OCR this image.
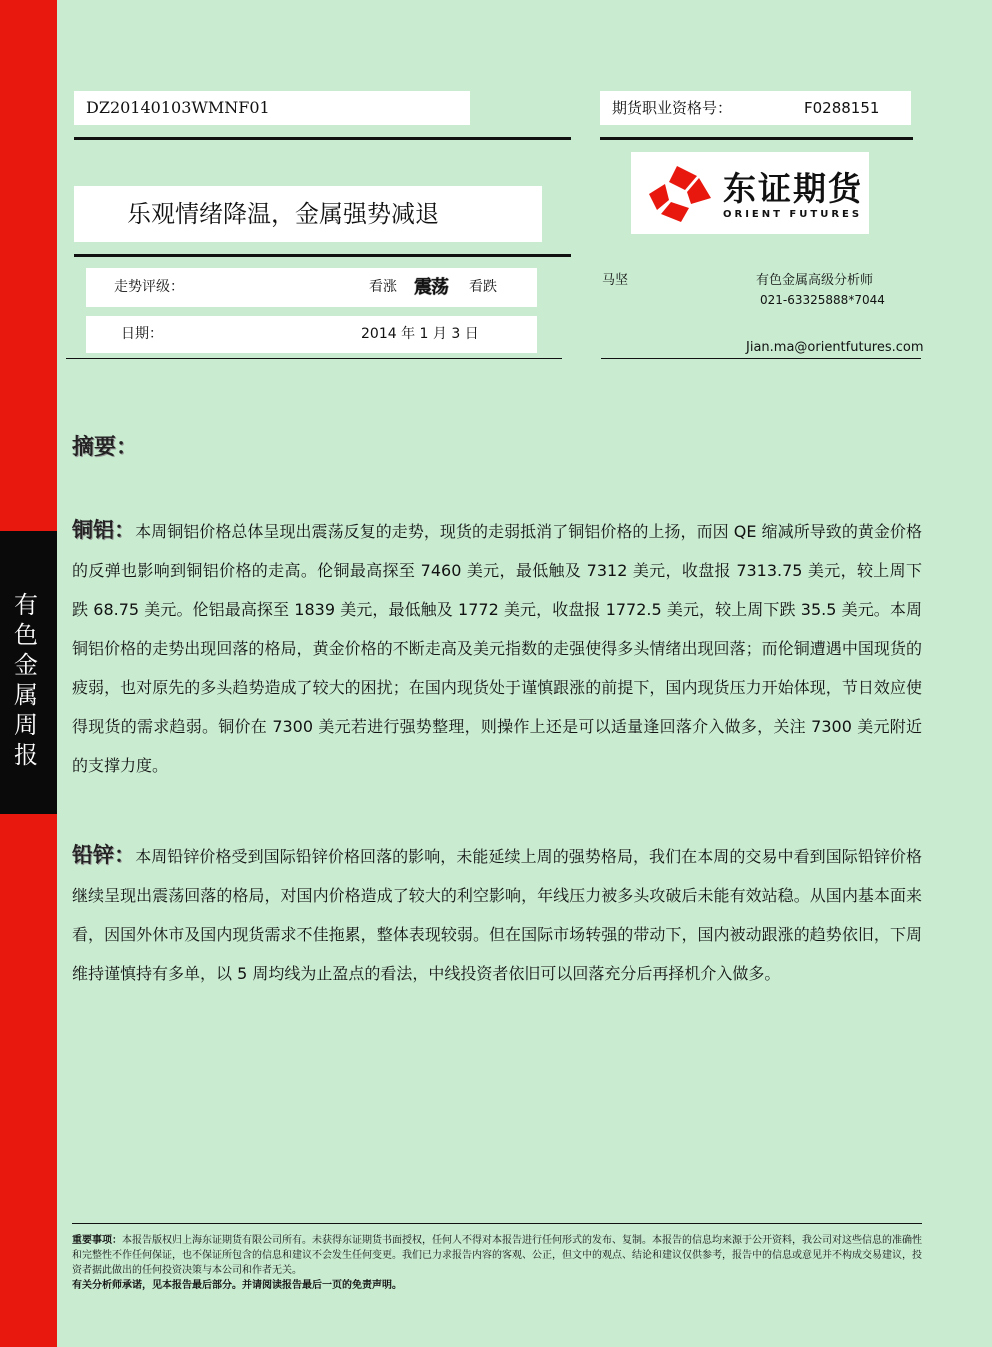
有
色
金
属
周
报
DZ20140103WMNF01	期货职业资格号：	F0288151
乐观情绪降温，金属强势减退
东证期货
ORIENT FUTURES
走势评级：	看涨 震荡 看跌
日期：	2014 年 1 月 3 日
马坚	有色金属高级分析师
021-63325888*7044
Jian.ma@orientfutures.com
摘要：
铜铝：本周铜铝价格总体呈现出震荡反复的走势，现货的走弱抵消了铜铝价格的上扬，而因 QE 缩减所导致的黄金价格的反弹也影响到铜铝价格的走高。伦铜最高探至 7460 美元，最低触及 7312 美元，收盘报 7313.75 美元，较上周下跌 68.75 美元。伦铝最高探至 1839 美元，最低触及 1772 美元，收盘报 1772.5 美元，较上周下跌 35.5 美元。本周铜铝价格的走势出现回落的格局，黄金价格的不断走高及美元指数的走强使得多头情绪出现回落；而伦铜遭遇中国现货的疲弱，也对原先的多头趋势造成了较大的困扰；在国内现货处于谨慎跟涨的前提下，国内现货压力开始体现，节日效应使得现货的需求趋弱。铜价在 7300 美元若进行强势整理，则操作上还是可以适量逢回落介入做多，关注 7300 美元附近的支撑力度。
铅锌：本周铅锌价格受到国际铅锌价格回落的影响，未能延续上周的强势格局，我们在本周的交易中看到国际铅锌价格继续呈现出震荡回落的格局，对国内价格造成了较大的利空影响，年线压力被多头攻破后未能有效站稳。从国内基本面来看，因国外休市及国内现货需求不佳拖累，整体表现较弱。但在国际市场转强的带动下，国内被动跟涨的趋势依旧，下周维持谨慎持有多单，以 5 周均线为止盈点的看法，中线投资者依旧可以回落充分后再择机介入做多。
重要事项：本报告版权归上海东证期货有限公司所有。未获得东证期货书面授权，任何人不得对本报告进行任何形式的发布、复制。本报告的信息均来源于公开资料，我公司对这些信息的准确性和完整性不作任何保证，也不保证所包含的信息和建议不会发生任何变更。我们已力求报告内容的客观、公正，但文中的观点、结论和建议仅供参考，报告中的信息或意见并不构成交易建议，投资者据此做出的任何投资决策与本公司和作者无关。
有关分析师承诺，见本报告最后部分。并请阅读报告最后一页的免责声明。
